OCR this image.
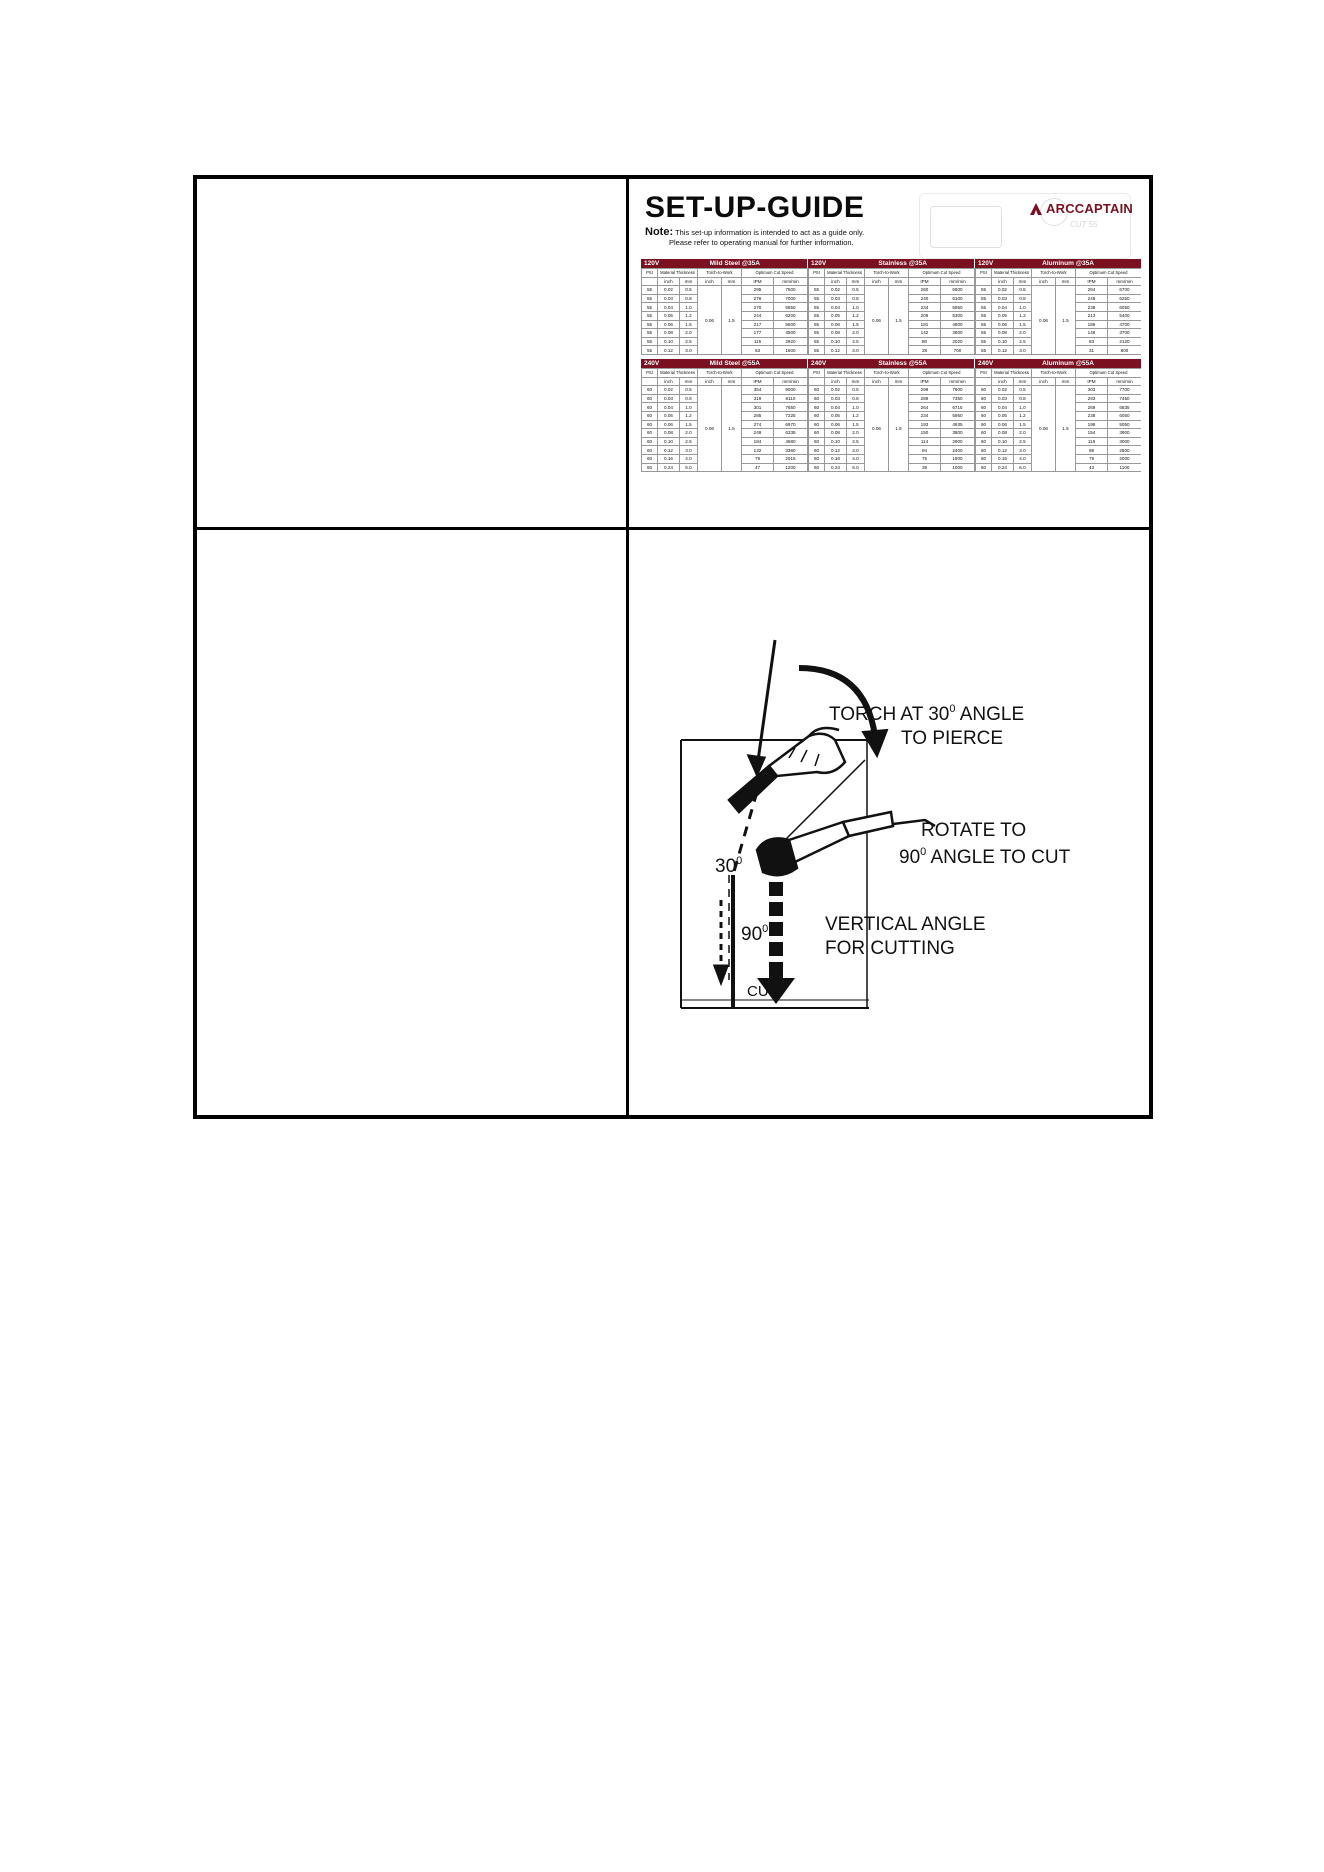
CUT 55
SET-UP-GUIDE
Note: This set-up information is intended to act as a guide only.
Please refer to operating manual for further information.
ARCCAPTAIN
120V	Mild Steel @35A
PSI	Material Thickness		Torch-to-Work		Optimum Cut Speed	
	inch	mm	inch	mm	IPM	mm/min
55	0.02	0.5	0.06	1.5	295	7500
55	0.03	0.8			276	7000
55	0.04	1.0			270	6850
55	0.05	1.2			244	6200
55	0.06	1.5			217	5500
55	0.08	2.0			177	4500
55	0.10	2.5			115	2920
55	0.12	3.0			63	1600
120V	Stainless @35A
PSI	Material Thickness		Torch-to-Work		Optimum Cut Speed	
	inch	mm	inch	mm	IPM	mm/min
55	0.02	0.5	0.06	1.5	260	6600
55	0.03	0.8			240	6100
55	0.04	1.0			234	5950
55	0.05	1.2			209	5300
55	0.06	1.5			181	4600
55	0.08	2.0			142	3600
55	0.10	2.5			80	2020
55	0.12	3.0			28	700
120V	Aluminum @35A
PSI	Material Thickness		Torch-to-Work		Optimum Cut Speed	
	inch	mm	inch	mm	IPM	mm/min
55	0.02	0.5	0.06	1.5	264	6700
55	0.03	0.8			246	6250
55	0.04	1.0			238	6050
55	0.05	1.2			213	5400
55	0.06	1.5			185	4700
55	0.08	2.0			146	3700
55	0.10	2.5			83	2120
55	0.12	3.0			31	800
240V	Mild Steel @55A
PSI	Material Thickness		Torch-to-Work		Optimum Cut Speed	
	inch	mm	inch	mm	IPM	mm/min
60	0.02	0.5	0.06	1.5	354	9000
60	0.03	0.8			319	8110
60	0.04	1.0			301	7650
60	0.05	1.2			285	7225
60	0.06	1.5			274	6970
60	0.08	2.0			249	6335
60	0.10	2.5			184	4680
60	0.12	3.0			132	3360
60	0.16	4.0			79	2015
60	0.24	6.0			47	1200
240V	Stainless @55A
PSI	Material Thickness		Torch-to-Work		Optimum Cut Speed	
	inch	mm	inch	mm	IPM	mm/min
60	0.02	0.5	0.06	1.5	299	7600
60	0.03	0.8			289	7350
60	0.04	1.0			264	6715
60	0.05	1.2			234	5950
60	0.06	1.5			193	4935
60	0.08	2.0			150	3800
60	0.10	2.5			114	2900
60	0.12	3.0			94	2400
60	0.16	4.0			75	1900
60	0.24	6.0			39	1000
240V	Aluminum @55A
PSI	Material Thickness		Torch-to-Work		Optimum Cut Speed	
	inch	mm	inch	mm	IPM	mm/min
60	0.02	0.5	0.06	1.5	303	7700
60	0.03	0.8			293	7450
60	0.04	1.0			269	6835
60	0.05	1.2			238	6050
60	0.06	1.5			199	5050
60	0.08	2.0			154	3900
60	0.10	2.5			118	3000
60	0.12	3.0			98	2500
60	0.16	4.0			79	2000
60	0.24	6.0			43	1100
TORCH AT $30^0$ ANGLE
TO PIERCE
ROTATE TO
$90^0$ ANGLE TO CUT
$30^0$
$90^0$	VERTICAL ANGLE
FOR CUTTING
CUT
